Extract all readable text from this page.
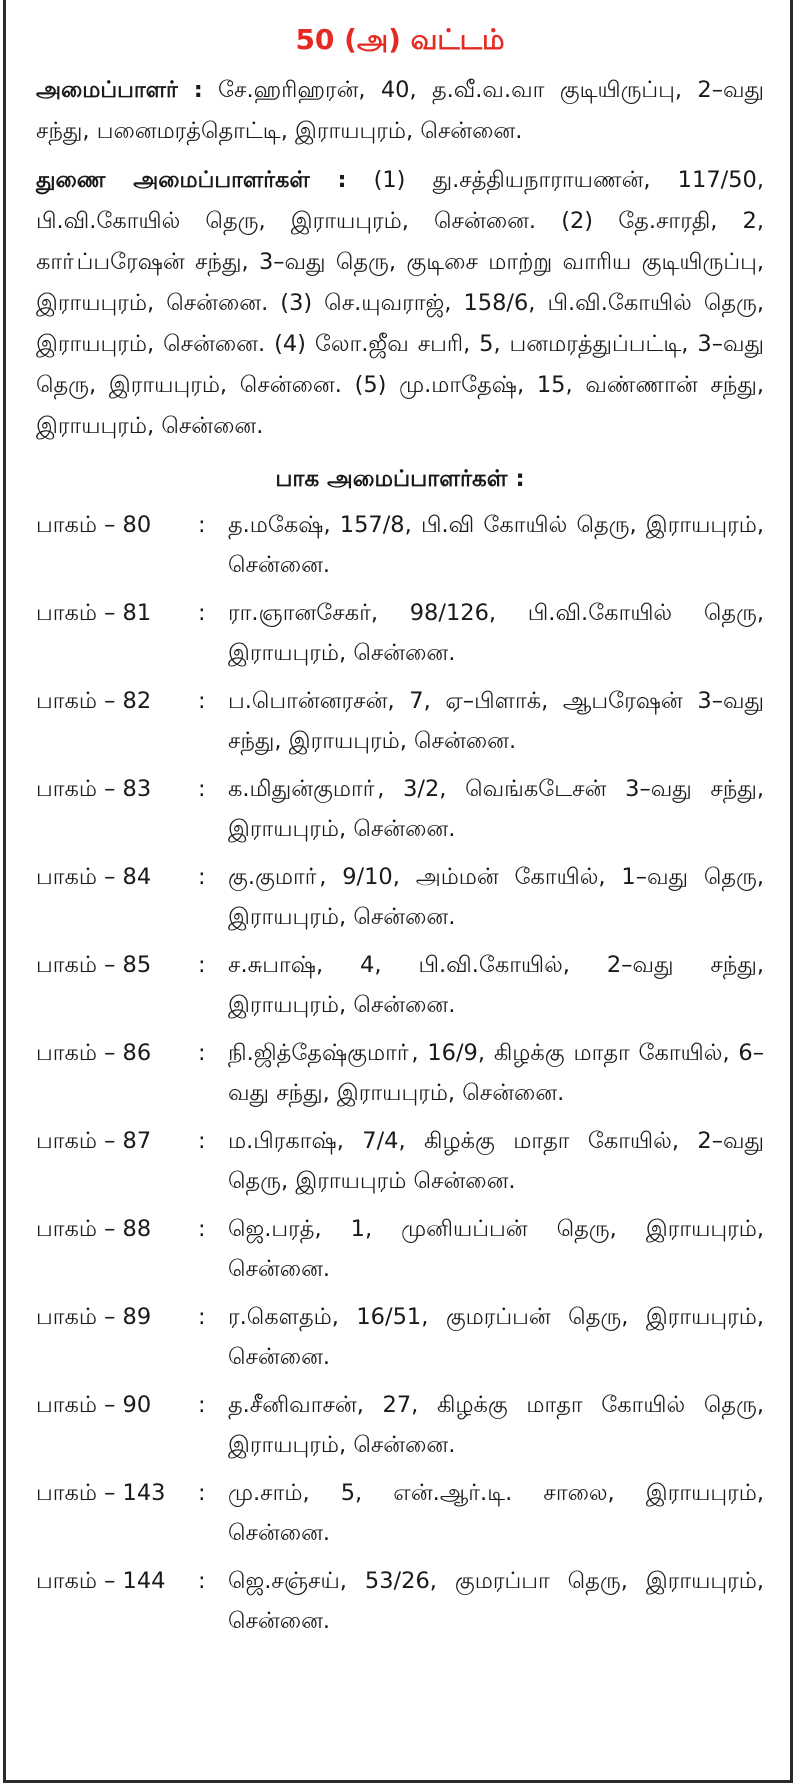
50 (அ) வட்டம்

அமைப்பாளர் : சே.ஹரிஹரன், 40, த.வீ.வ.வா குடியிருப்பு, 2–வது சந்து, பனைமரத்தொட்டி, இராயபுரம், சென்னை.

துணை அமைப்பாளர்கள் : (1) து.சத்தியநாராயணன், 117/50, பி.வி.கோயில் தெரு, இராயபுரம், சென்னை. (2) தே.சாரதி, 2, காா்ப்பரேஷன் சந்து, 3–வது தெரு, குடிசை மாற்று வாரிய குடியிருப்பு, இராயபுரம், சென்னை. (3) செ.யுவராஜ், 158/6, பி.வி.கோயில் தெரு, இராயபுரம், சென்னை. (4) லோ.ஜீவ சபரி, 5, பனமரத்துப்பட்டி, 3–வது தெரு, இராயபுரம், சென்னை. (5) மு.மாதேஷ், 15, வண்ணான் சந்து, இராயபுரம், சென்னை.

பாக அமைப்பாளர்கள் :
பாகம் – 80	: த.மகேஷ், 157/8, பி.வி கோயில் தெரு, இராயபுரம், சென்னை.
பாகம் – 81	: ரா.ஞானசேகர், 98/126, பி.வி.கோயில் தெரு, இராயபுரம், சென்னை.
பாகம் – 82	: ப.பொன்னரசன், 7, ஏ–பிளாக், ஆபரேஷன் 3–வது சந்து, இராயபுரம், சென்னை.
பாகம் – 83	: க.மிதுன்குமாா், 3/2, வெங்கடேசன் 3–வது சந்து, இராயபுரம், சென்னை.
பாகம் – 84	: கு.குமாா், 9/10, அம்மன் கோயில், 1–வது தெரு, இராயபுரம், சென்னை.
பாகம் – 85	: ச.சுபாஷ், 4, பி.வி.கோயில், 2–வது சந்து, இராயபுரம், சென்னை.
பாகம் – 86	: நி.ஜித்தேஷ்குமாா், 16/9, கிழக்கு மாதா கோயில், 6–வது சந்து, இராயபுரம், சென்னை.
பாகம் – 87	: ம.பிரகாஷ், 7/4, கிழக்கு மாதா கோயில், 2–வது தெரு, இராயபுரம் சென்னை.
பாகம் – 88	: ஜெ.பரத், 1, முனியப்பன் தெரு, இராயபுரம், சென்னை.
பாகம் – 89	: ர.கௌதம், 16/51, குமரப்பன் தெரு, இராயபுரம், சென்னை.
பாகம் – 90	: த.சீனிவாசன், 27, கிழக்கு மாதா கோயில் தெரு, இராயபுரம், சென்னை.
பாகம் – 143	: மு.சாம், 5, என்.ஆர்.டி. சாலை, இராயபுரம், சென்னை.
பாகம் – 144	: ஜெ.சஞ்சய், 53/26, குமரப்பா தெரு, இராயபுரம், சென்னை.
